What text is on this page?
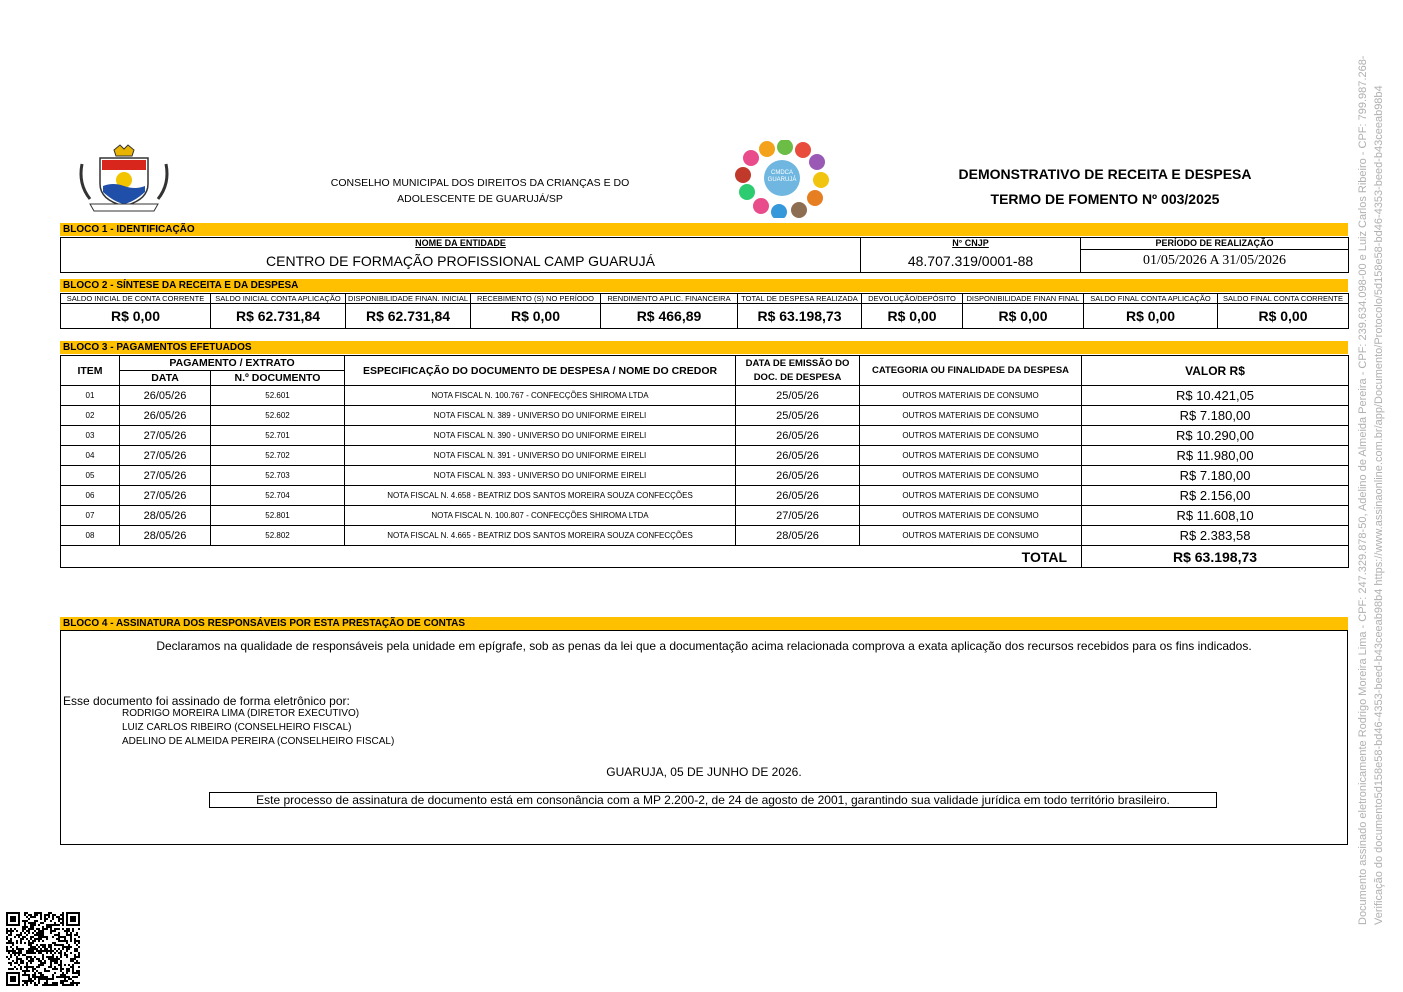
CONSELHO MUNICIPAL DOS DIREITOS DA CRIANÇAS E DO
ADOLESCENTE DE GUARUJÁ/SP
CMDCA
GUARUJÁ	DEMONSTRATIVO DE RECEITA E DESPESA
TERMO DE FOMENTO Nº 003/2025
BLOCO 1 - IDENTIFICAÇÃO
NOME DA ENTIDADE	N° CNJP	PERÍODO DE REALIZAÇÃO
CENTRO DE FORMAÇÃO PROFISSIONAL CAMP GUARUJÁ	48.707.319/0001-88	01/05/2026 A 31/05/2026
BLOCO 2 - SÍNTESE DA RECEITA E DA DESPESA
SALDO INICIAL DE CONTA CORRENTE	SALDO INICIAL CONTA APLICAÇÃO	DISPONIBILIDADE FINAN. INICIAL	RECEBIMENTO (S) NO PERÍODO	RENDIMENTO APLIC. FINANCEIRA	TOTAL DE DESPESA REALIZADA	DEVOLUÇÃO/DEPÓSITO	DISPONIBILIDADE FINAN FINAL	SALDO FINAL CONTA APLICAÇÃO	SALDO FINAL CONTA CORRENTE
R$ 0,00	R$ 62.731,84	R$ 62.731,84	R$ 0,00	R$ 466,89	R$ 63.198,73	R$ 0,00	R$ 0,00	R$ 0,00	R$ 0,00
BLOCO 3 - PAGAMENTOS EFETUADOS
ITEM	PAGAMENTO / EXTRATO		ESPECIFICAÇÃO DO DOCUMENTO DE DESPESA / NOME DO CREDOR	DATA DE EMISSÃO DO	CATEGORIA OU FINALIDADE DA DESPESA	VALOR R$
	DATA	N.º DOCUMENTO		DOC. DE DESPESA		
01	26/05/26	52.601	NOTA FISCAL N. 100.767 - CONFECÇÕES SHIROMA LTDA	25/05/26	OUTROS MATERIAIS DE CONSUMO	R$ 10.421,05
02	26/05/26	52.602	NOTA FISCAL N. 389 - UNIVERSO DO UNIFORME EIRELI	25/05/26	OUTROS MATERIAIS DE CONSUMO	R$ 7.180,00
03	27/05/26	52.701	NOTA FISCAL N. 390 - UNIVERSO DO UNIFORME EIRELI	26/05/26	OUTROS MATERIAIS DE CONSUMO	R$ 10.290,00
04	27/05/26	52.702	NOTA FISCAL N. 391 - UNIVERSO DO UNIFORME EIRELI	26/05/26	OUTROS MATERIAIS DE CONSUMO	R$ 11.980,00
05	27/05/26	52.703	NOTA FISCAL N. 393 - UNIVERSO DO UNIFORME EIRELI	26/05/26	OUTROS MATERIAIS DE CONSUMO	R$ 7.180,00
06	27/05/26	52.704	NOTA FISCAL N. 4.658 - BEATRIZ DOS SANTOS MOREIRA SOUZA CONFECÇÕES	26/05/26	OUTROS MATERIAIS DE CONSUMO	R$ 2.156,00
07	28/05/26	52.801	NOTA FISCAL N. 100.807 - CONFECÇÕES SHIROMA LTDA	27/05/26	OUTROS MATERIAIS DE CONSUMO	R$ 11.608,10
08	28/05/26	52.802	NOTA FISCAL N. 4.665 - BEATRIZ DOS SANTOS MOREIRA SOUZA CONFECÇÕES	28/05/26	OUTROS MATERIAIS DE CONSUMO	R$ 2.383,58
TOTAL						R$ 63.198,73
BLOCO 4 - ASSINATURA DOS RESPONSÁVEIS POR ESTA PRESTAÇÃO DE CONTAS
Declaramos na qualidade de responsáveis pela unidade em epígrafe, sob as penas da lei que a documentação acima relacionada comprova a exata aplicação dos recursos recebidos para os fins indicados.
Esse documento foi assinado de forma eletrônico por:
RODRIGO MOREIRA LIMA (DIRETOR EXECUTIVO)
LUIZ CARLOS RIBEIRO (CONSELHEIRO FISCAL)
ADELINO DE ALMEIDA PEREIRA (CONSELHEIRO FISCAL)
GUARUJA, 05 DE JUNHO DE 2026.
Este processo de assinatura de documento está em consonância com a MP 2.200-2, de 24 de agosto de 2001, garantindo sua validade jurídica em todo território brasileiro.	Documento assinado eletronicamente Rodrigo Moreira Lima - CPF: 247.329.878-50, Adelino de Almeida Pereira - CPF: 239.634.098-00 e Luiz Carlos Ribeiro - CPF: 799.987.268- Verificação do documento5d158e58-bd46-4353-beed-b43ceeab98b4 https://www.assinaonline.com.br/app/Documento/Protocolo/5d158e58-bd46-4353-beed-b43ceeab98b4
